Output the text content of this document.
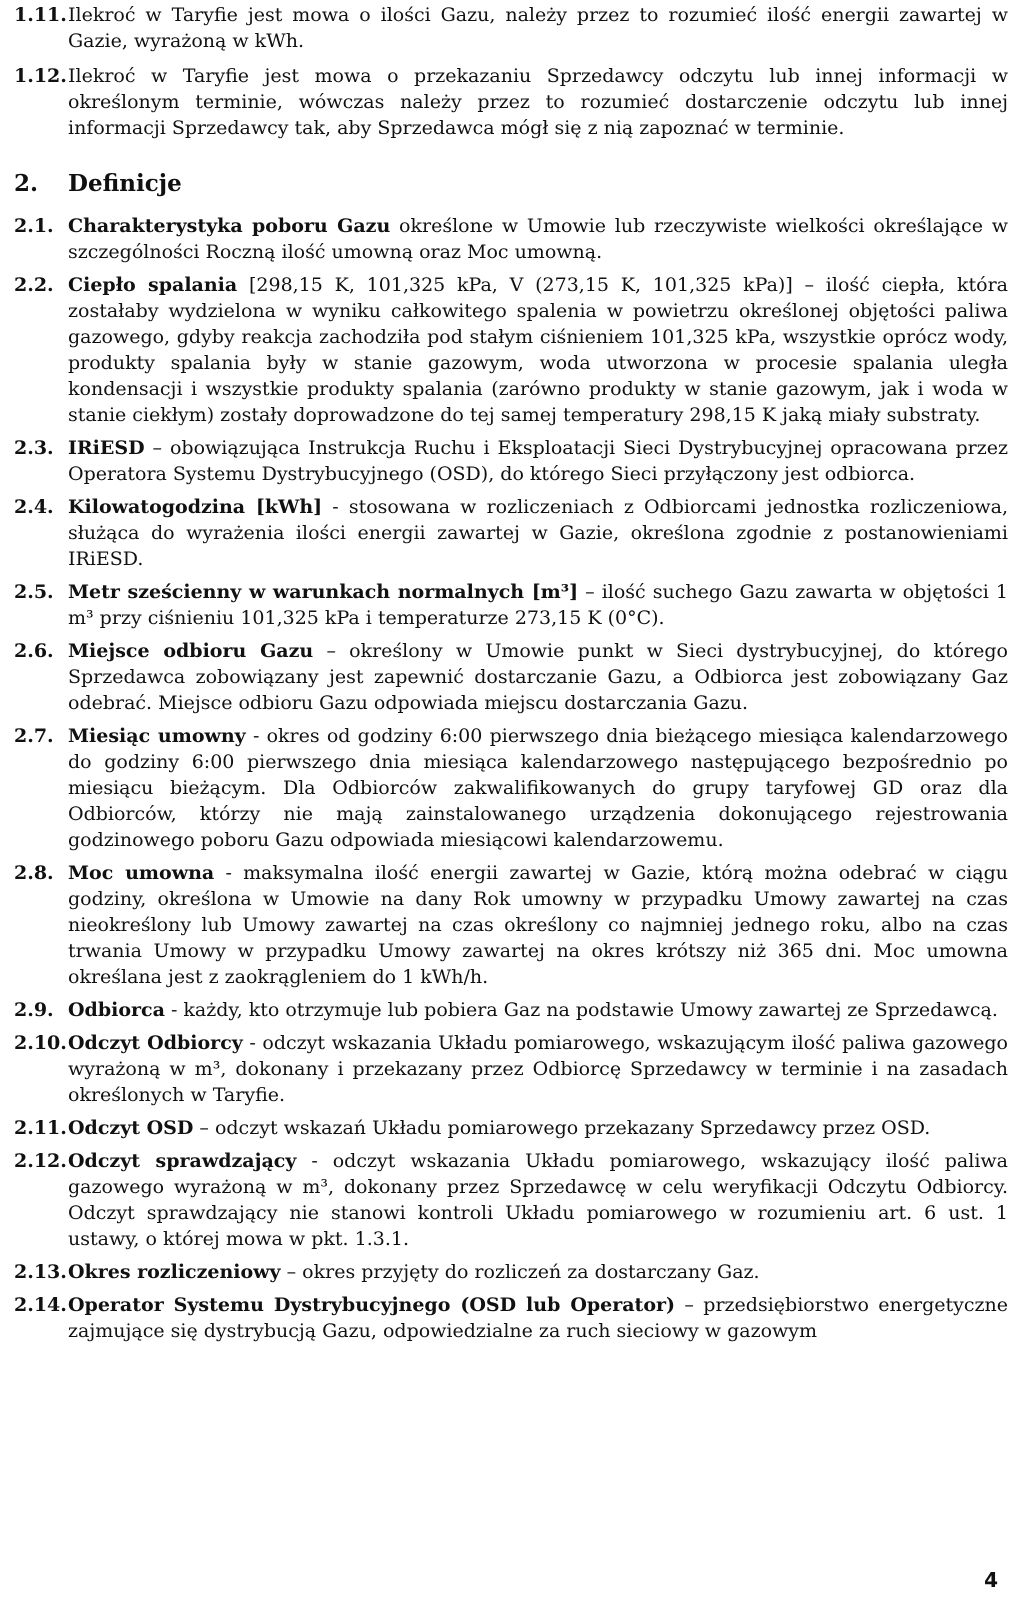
1.11. Ilekroć w Taryfie jest mowa o ilości Gazu, należy przez to rozumieć ilość energii zawartej w Gazie, wyrażoną w kWh.
1.12. Ilekroć w Taryfie jest mowa o przekazaniu Sprzedawcy odczytu lub innej informacji w określonym terminie, wówczas należy przez to rozumieć dostarczenie odczytu lub innej informacji Sprzedawcy tak, aby Sprzedawca mógł się z nią zapoznać w terminie.
2.	Definicje
2.1. Charakterystyka poboru Gazu określone w Umowie lub rzeczywiste wielkości określające w szczególności Roczną ilość umowną oraz Moc umowną.
2.2. Ciepło spalania [298,15 K, 101,325 kPa, V (273,15 K, 101,325 kPa)] – ilość ciepła, która zostałaby wydzielona w wyniku całkowitego spalenia w powietrzu określonej objętości paliwa gazowego, gdyby reakcja zachodziła pod stałym ciśnieniem 101,325 kPa, wszystkie oprócz wody, produkty spalania były w stanie gazowym, woda utworzona w procesie spalania uległa kondensacji i wszystkie produkty spalania (zarówno produkty w stanie gazowym, jak i woda w stanie ciekłym) zostały doprowadzone do tej samej temperatury 298,15 K jaką miały substraty.
2.3. IRiESD – obowiązująca Instrukcja Ruchu i Eksploatacji Sieci Dystrybucyjnej opracowana przez Operatora Systemu Dystrybucyjnego (OSD), do którego Sieci przyłączony jest odbiorca.
2.4. Kilowatogodzina [kWh] - stosowana w rozliczeniach z Odbiorcami jednostka rozliczeniowa, służąca do wyrażenia ilości energii zawartej w Gazie, określona zgodnie z postanowieniami IRiESD.
2.5. Metr sześcienny w warunkach normalnych [m³] – ilość suchego Gazu zawarta w objętości 1 m³ przy ciśnieniu 101,325 kPa i temperaturze 273,15 K (0°C).
2.6. Miejsce odbioru Gazu – określony w Umowie punkt w Sieci dystrybucyjnej, do którego Sprzedawca zobowiązany jest zapewnić dostarczanie Gazu, a Odbiorca jest zobowiązany Gaz odebrać. Miejsce odbioru Gazu odpowiada miejscu dostarczania Gazu.
2.7. Miesiąc umowny - okres od godziny 6:00 pierwszego dnia bieżącego miesiąca kalendarzowego do godziny 6:00 pierwszego dnia miesiąca kalendarzowego następującego bezpośrednio po miesiącu bieżącym. Dla Odbiorców zakwalifikowanych do grupy taryfowej GD oraz dla Odbiorców, którzy nie mają zainstalowanego urządzenia dokonującego rejestrowania godzinowego poboru Gazu odpowiada miesiącowi kalendarzowemu.
2.8. Moc umowna - maksymalna ilość energii zawartej w Gazie, którą można odebrać w ciągu godziny, określona w Umowie na dany Rok umowny w przypadku Umowy zawartej na czas nieokreślony lub Umowy zawartej na czas określony co najmniej jednego roku, albo na czas trwania Umowy w przypadku Umowy zawartej na okres krótszy niż 365 dni. Moc umowna określana jest z zaokrągleniem do 1 kWh/h.
2.9. Odbiorca - każdy, kto otrzymuje lub pobiera Gaz na podstawie Umowy zawartej ze Sprzedawcą.
2.10. Odczyt Odbiorcy - odczyt wskazania Układu pomiarowego, wskazującym ilość paliwa gazowego wyrażoną w m³, dokonany i przekazany przez Odbiorcę Sprzedawcy w terminie i na zasadach określonych w Taryfie.
2.11. Odczyt OSD – odczyt wskazań Układu pomiarowego przekazany Sprzedawcy przez OSD.
2.12. Odczyt sprawdzający - odczyt wskazania Układu pomiarowego, wskazujący ilość paliwa gazowego wyrażoną w m³, dokonany przez Sprzedawcę w celu weryfikacji Odczytu Odbiorcy. Odczyt sprawdzający nie stanowi kontroli Układu pomiarowego w rozumieniu art. 6 ust. 1 ustawy, o której mowa w pkt. 1.3.1.
2.13. Okres rozliczeniowy – okres przyjęty do rozliczeń za dostarczany Gaz.
2.14. Operator Systemu Dystrybucyjnego (OSD lub Operator) – przedsiębiorstwo energetyczne zajmujące się dystrybucją Gazu, odpowiedzialne za ruch sieciowy w gazowym
4
